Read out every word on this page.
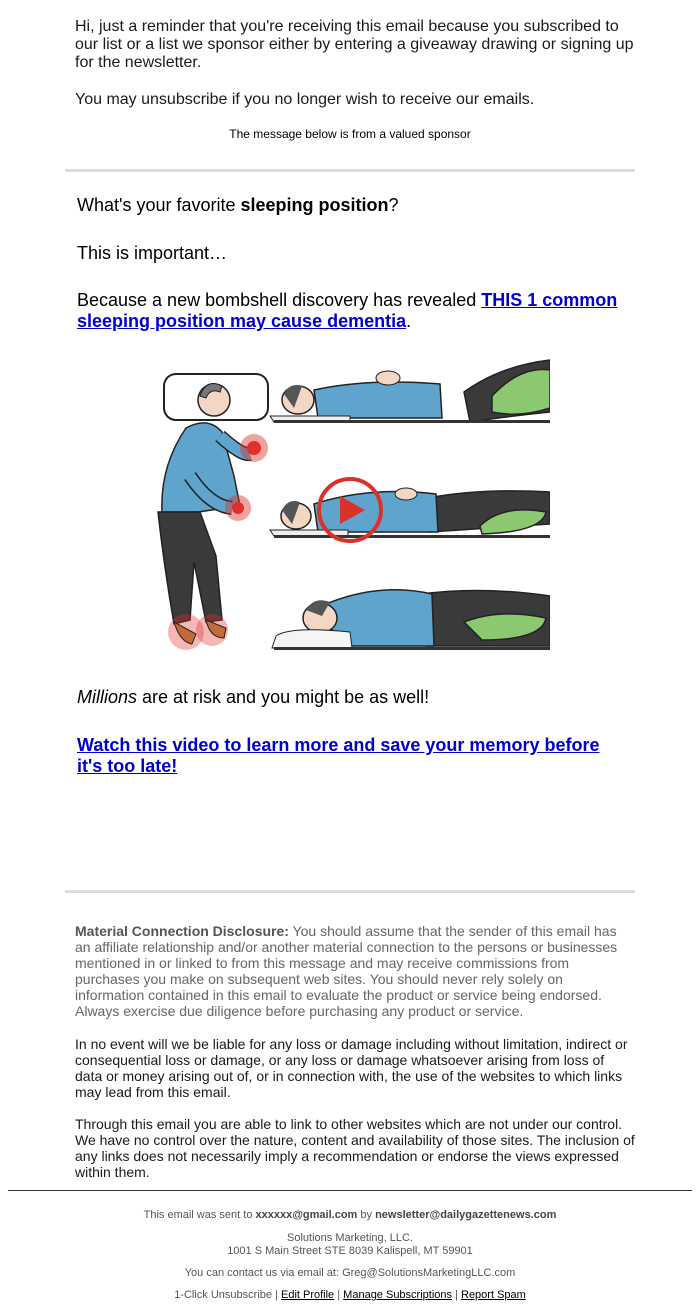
Hi, just a reminder that you're receiving this email because you subscribed to our list or a list we sponsor either by entering a giveaway drawing or signing up for the newsletter.

You may unsubscribe if you no longer wish to receive our emails.

The message below is from a valued sponsor
What's your favorite sleeping position?
This is important…
Because a new bombshell discovery has revealed THIS 1 common sleeping position may cause dementia.
Millions are at risk and you might be as well!
Watch this video to learn more and save your memory before it's too late!

Material Connection Disclosure: You should assume that the sender of this email has an affiliate relationship and/or another material connection to the persons or businesses mentioned in or linked to from this message and may receive commissions from purchases you make on subsequent web sites. You should never rely solely on information contained in this email to evaluate the product or service being endorsed. Always exercise due diligence before purchasing any product or service.

In no event will we be liable for any loss or damage including without limitation, indirect or consequential loss or damage, or any loss or damage whatsoever arising from loss of data or money arising out of, or in connection with, the use of the websites to which links may lead from this email.
Through this email you are able to link to other websites which are not under our control. We have no control over the nature, content and availability of those sites. The inclusion of any links does not necessarily imply a recommendation or endorse the views expressed within them.
This email was sent to xxxxxx@gmail.com by newsletter@dailygazettenews.com
Solutions Marketing, LLC.
1001 S Main Street STE 8039 Kalispell, MT 59901
You can contact us via email at: Greg@SolutionsMarketingLLC.com
1-Click Unsubscribe | Edit Profile | Manage Subscriptions | Report Spam
